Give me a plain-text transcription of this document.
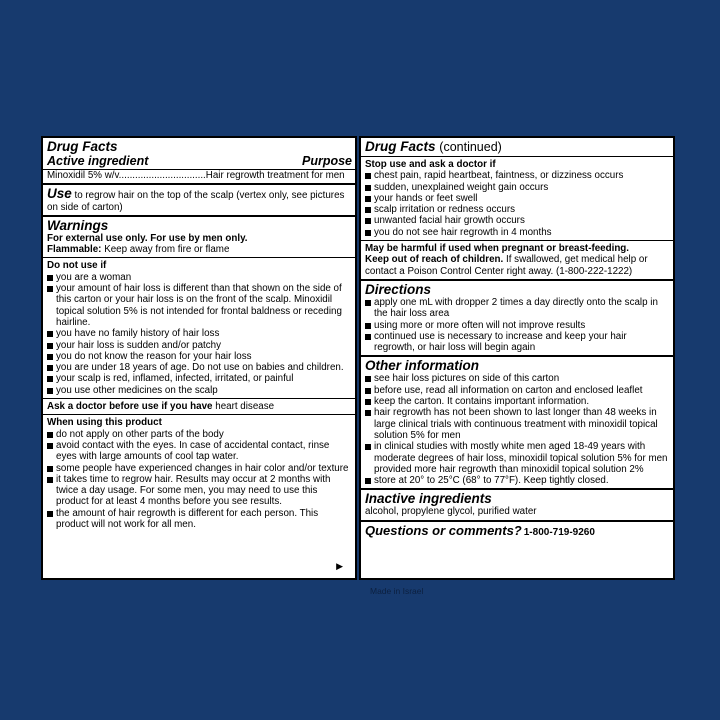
Drug Facts
Active ingredient	Purpose
Minoxidil 5% w/v................................Hair regrowth treatment for men
Use to regrow hair on the top of the scalp (vertex only, see pictures on side of carton)
Warnings
For external use only. For use by men only.
Flammable: Keep away from fire or flame
Do not use if
you are a woman
your amount of hair loss is different than that shown on the side of this carton or your hair loss is on the front of the scalp. Minoxidil topical solution 5% is not intended for frontal baldness or receding hairline.
you have no family history of hair loss
your hair loss is sudden and/or patchy
you do not know the reason for your hair loss
you are under 18 years of age. Do not use on babies and children.
your scalp is red, inflamed, infected, irritated, or painful
you use other medicines on the scalp
Ask a doctor before use if you have heart disease
When using this product
do not apply on other parts of the body
avoid contact with the eyes. In case of accidental contact, rinse eyes with large amounts of cool tap water.
some people have experienced changes in hair color and/or texture
it takes time to regrow hair. Results may occur at 2 months with twice a day usage. For some men, you may need to use this product for at least 4 months before you see results.
the amount of hair regrowth is different for each person. This product will not work for all men.
▶
Drug Facts (continued)
Stop use and ask a doctor if
chest pain, rapid heartbeat, faintness, or dizziness occurs
sudden, unexplained weight gain occurs
your hands or feet swell
scalp irritation or redness occurs
unwanted facial hair growth occurs
you do not see hair regrowth in 4 months
May be harmful if used when pregnant or breast-feeding.
Keep out of reach of children. If swallowed, get medical help or contact a Poison Control Center right away. (1-800-222-1222)
Directions
apply one mL with dropper 2 times a day directly onto the scalp in the hair loss area
using more or more often will not improve results
continued use is necessary to increase and keep your hair regrowth, or hair loss will begin again
Other information
see hair loss pictures on side of this carton
before use, read all information on carton and enclosed leaflet
keep the carton. It contains important information.
hair regrowth has not been shown to last longer than 48 weeks in large clinical trials with continuous treatment with minoxidil topical solution 5% for men
in clinical studies with mostly white men aged 18-49 years with moderate degrees of hair loss, minoxidil topical solution 5% for men provided more hair regrowth than minoxidil topical solution 2%
store at 20° to 25°C (68° to 77°F). Keep tightly closed.
Inactive ingredients
alcohol, propylene glycol, purified water
Questions or comments? 1-800-719-9260
Made in Israel
